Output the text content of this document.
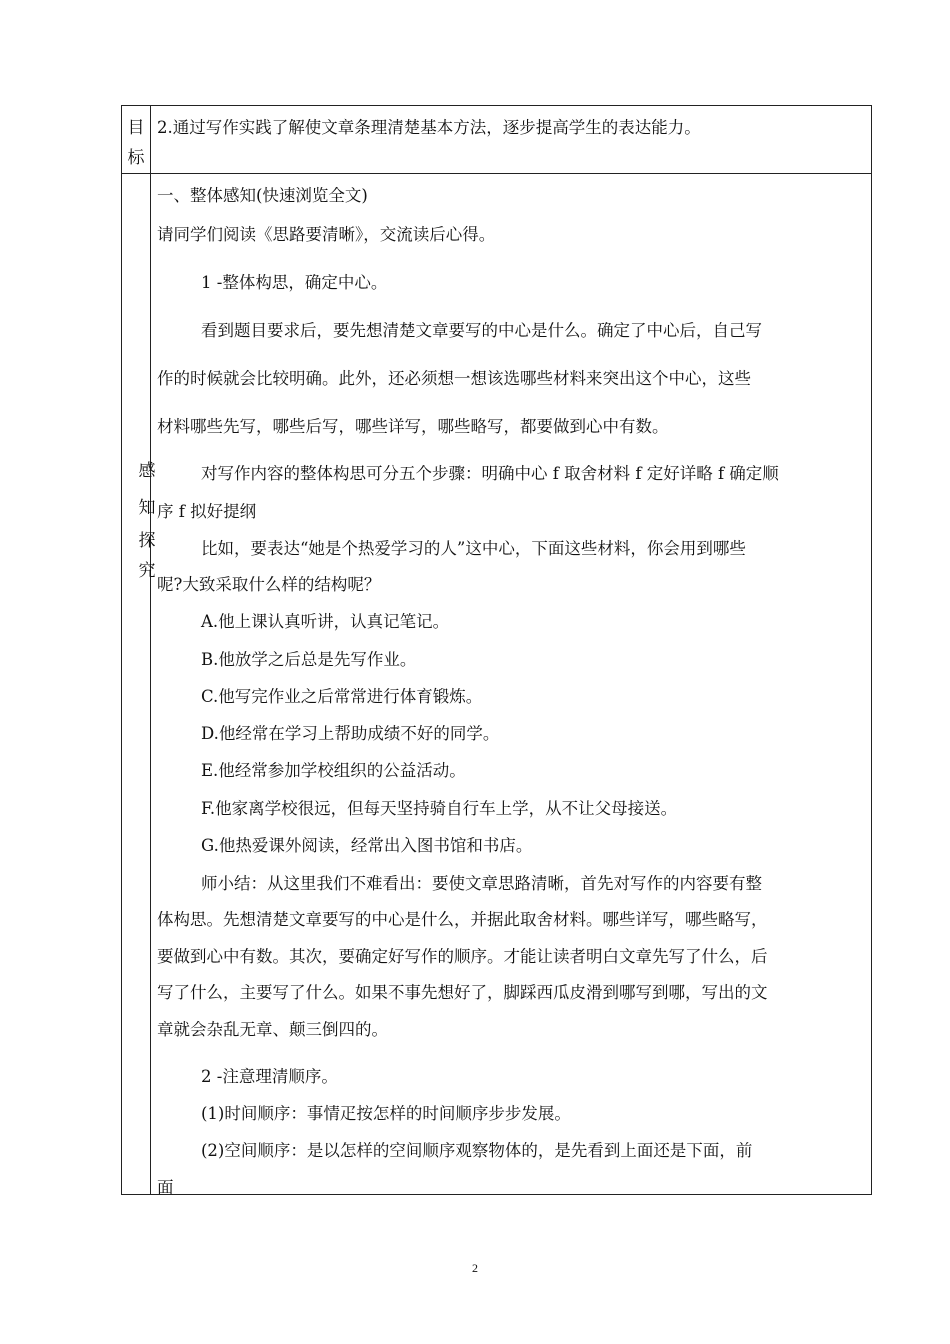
目
标
2.通过写作实践了解使文章条理清楚基本方法，逐步提高学生的表达能力。
感
知
探
究
一、整体感知(快速浏览全文)
请同学们阅读《思路要清晰》，交流读后心得。
1 -整体构思，确定中心。
看到题目要求后，要先想清楚文章要写的中心是什么。确定了中心后，自己写
作的时候就会比较明确。此外，还必须想一想该选哪些材料来突出这个中心，这些
材料哪些先写，哪些后写，哪些详写，哪些略写，都要做到心中有数。
对写作内容的整体构思可分五个步骤：明确中心 f 取舍材料 f 定好详略 f 确定顺
序 f 拟好提纲
比如，要表达“她是个热爱学习的人”这中心，下面这些材料，你会用到哪些
呢?大致采取什么样的结构呢？
A.他上课认真听讲，认真记笔记。
B.他放学之后总是先写作业。
C.他写完作业之后常常进行体育锻炼。
D.他经常在学习上帮助成绩不好的同学。
E.他经常参加学校组织的公益活动。
F.他家离学校很远，但每天坚持骑自行车上学，从不让父母接送。
G.他热爱课外阅读，经常出入图书馆和书店。
师小结：从这里我们不难看出：要使文章思路清晰，首先对写作的内容要有整
体构思。先想清楚文章要写的中心是什么，并据此取舍材料。哪些详写，哪些略写，
要做到心中有数。其次，要确定好写作的顺序。才能让读者明白文章先写了什么，后
写了什么，主要写了什么。如果不事先想好了，脚踩西瓜皮滑到哪写到哪，写出的文
章就会杂乱无章、颠三倒四的。
2 -注意理清顺序。
(1)时间顺序：事情疋按怎样的时间顺序步步发展。
(2)空间顺序：是以怎样的空间顺序观察物体的，是先看到上面还是下面，前
面
2
